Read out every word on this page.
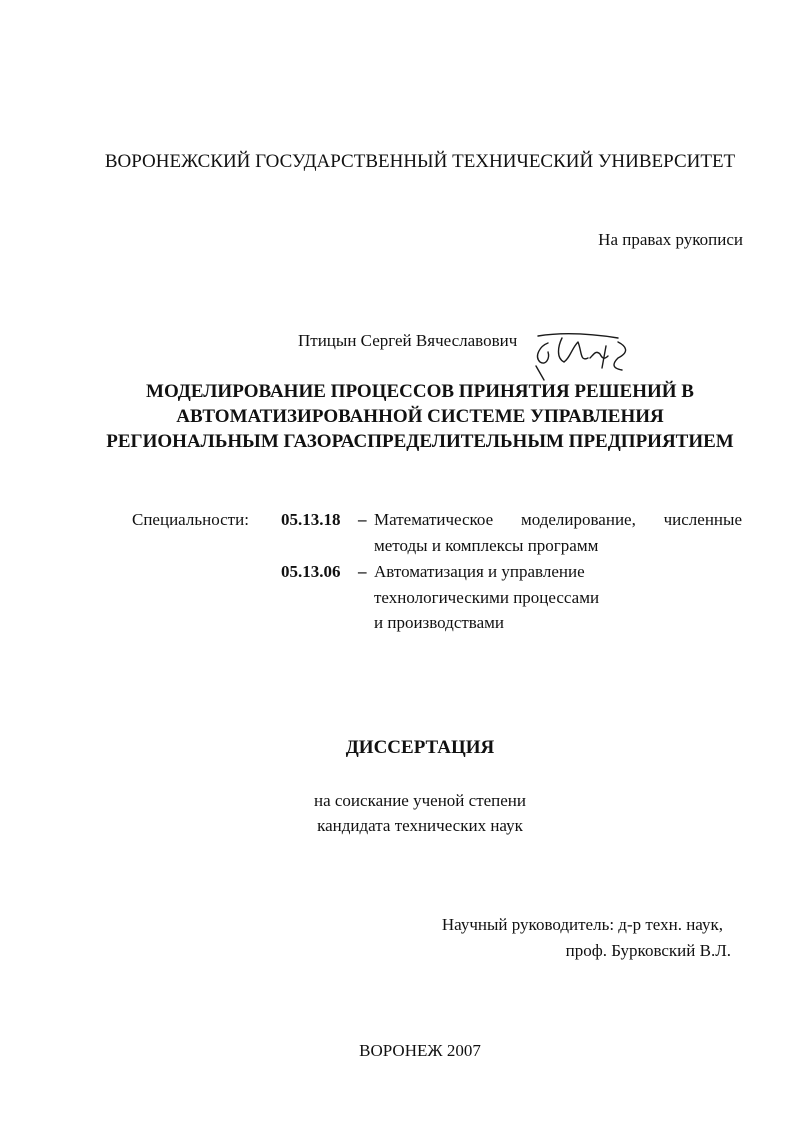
ВОРОНЕЖСКИЙ ГОСУДАРСТВЕННЫЙ ТЕХНИЧЕСКИЙ УНИВЕРСИТЕТ
На правах рукописи
Птицын Сергей Вячеславович
МОДЕЛИРОВАНИЕ ПРОЦЕССОВ ПРИНЯТИЯ РЕШЕНИЙ В
АВТОМАТИЗИРОВАННОЙ СИСТЕМЕ УПРАВЛЕНИЯ
РЕГИОНАЛЬНЫМ ГАЗОРАСПРЕДЕЛИТЕЛЬНЫМ ПРЕДПРИЯТИЕМ
Специальности: 05.13.18 – Математическое моделирование, численные
методы и комплексы программ
05.13.06 – Автоматизация и управление
технологическими процессами
и производствами
ДИССЕРТАЦИЯ
на соискание ученой степени
кандидата технических наук
Научный руководитель: д-р техн. наук,
проф. Бурковский В.Л.
ВОРОНЕЖ 2007
